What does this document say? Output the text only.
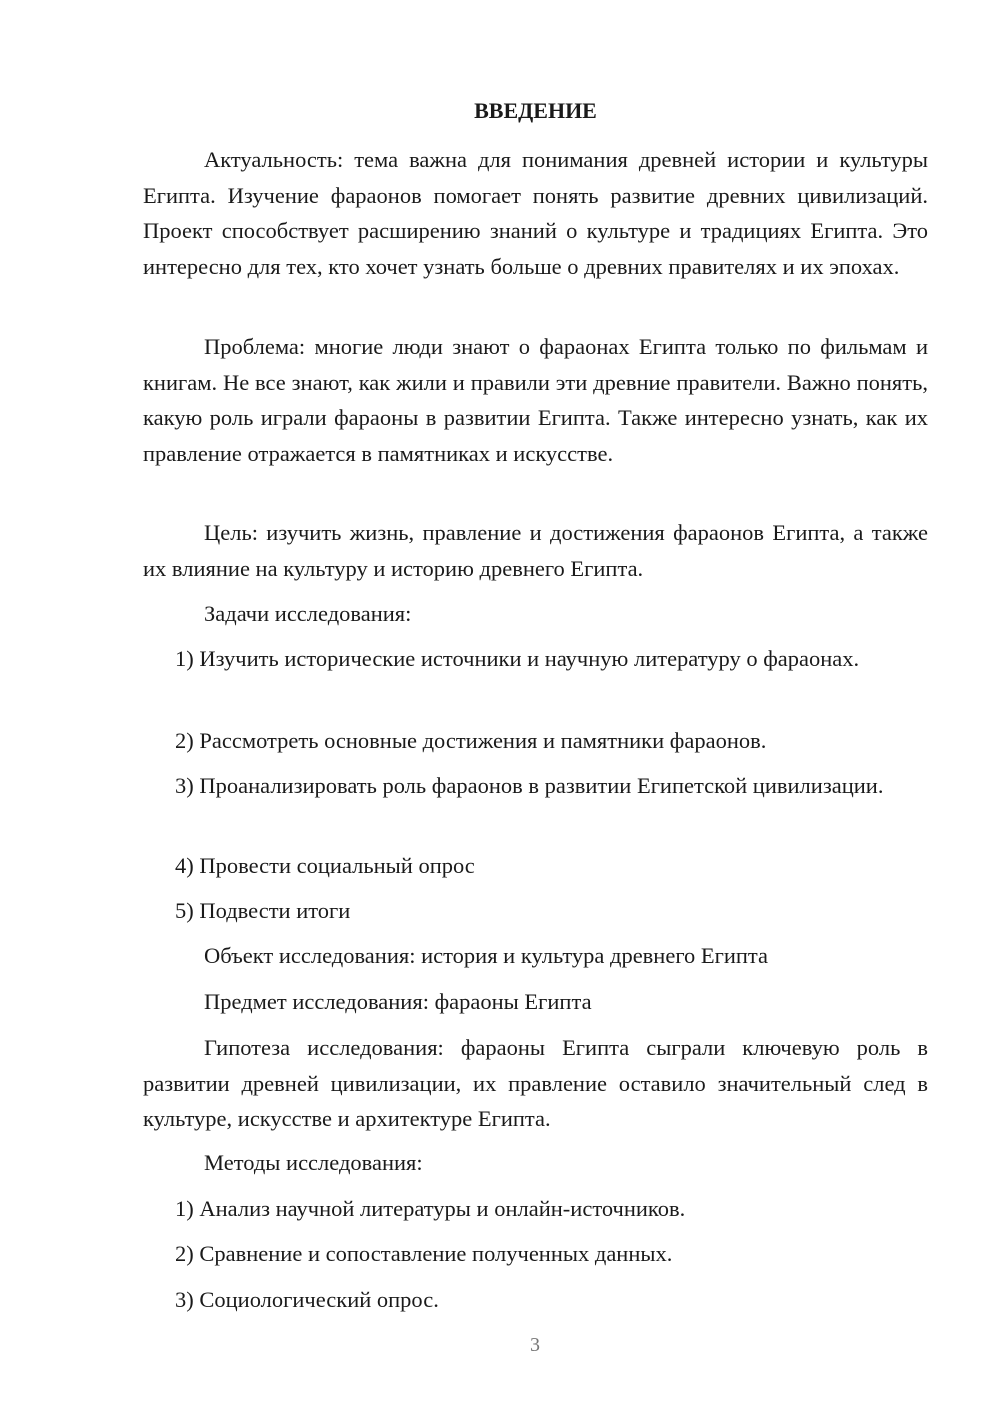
ВВЕДЕНИЕ

Актуальность: тема важна для понимания древней истории и культуры Египта. Изучение фараонов помогает понять развитие древних цивилизаций. Проект способствует расширению знаний о культуре и традициях Египта. Это интересно для тех, кто хочет узнать больше о древних правителях и их эпохах.

Проблема: многие люди знают о фараонах Египта только по фильмам и книгам. Не все знают, как жили и правили эти древние правители. Важно понять, какую роль играли фараоны в развитии Египта. Также интересно узнать, как их правление отражается в памятниках и искусстве.

Цель: изучить жизнь, правление и достижения фараонов Египта, а также их влияние на культуру и историю древнего Египта.

Задачи исследования:

1) Изучить исторические источники и научную литературу о фараонах.

2) Рассмотреть основные достижения и памятники фараонов.

3) Проанализировать роль фараонов в развитии Египетской цивилизации.

4) Провести социальный опрос

5) Подвести итоги

Объект исследования: история и культура древнего Египта

Предмет исследования: фараоны Египта

Гипотеза исследования: фараоны Египта сыграли ключевую роль в развитии древней цивилизации, их правление оставило значительный след в культуре, искусстве и архитектуре Египта.

Методы исследования:

1) Анализ научной литературы и онлайн-источников.

2) Сравнение и сопоставление полученных данных.

3) Социологический опрос.

3
